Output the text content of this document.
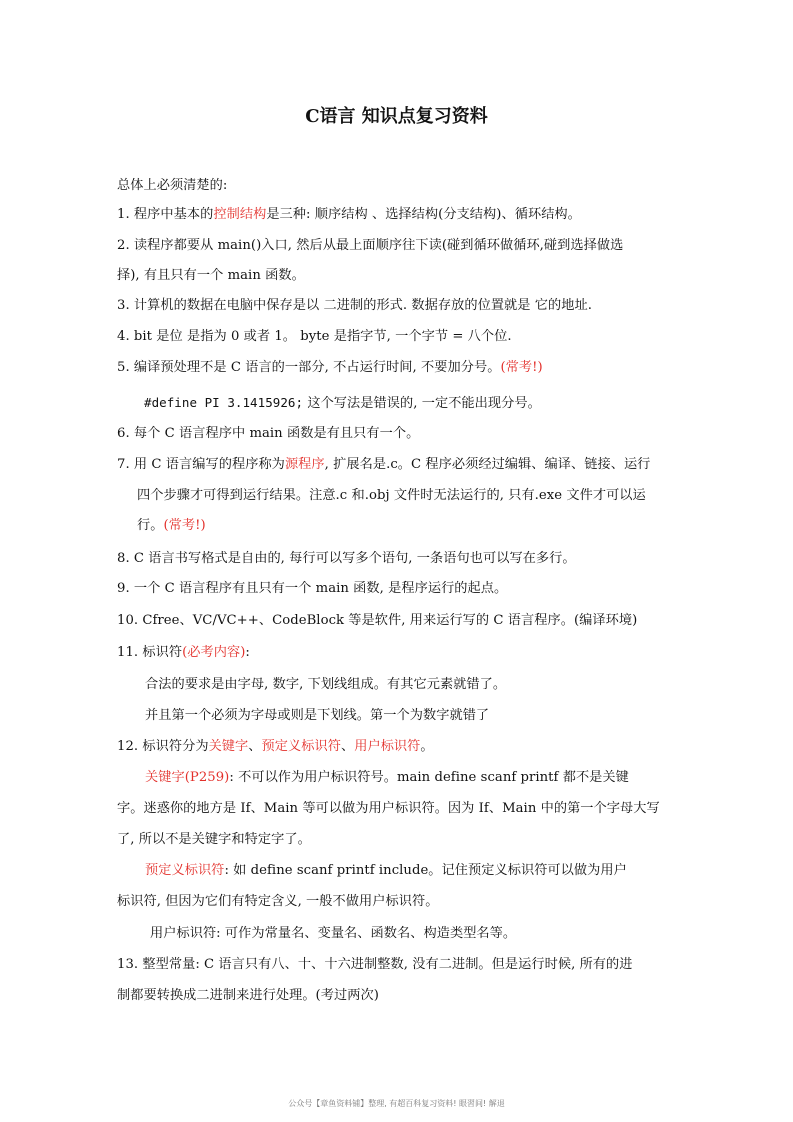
C语言 知识点复习资料
总体上必须清楚的:
1. 程序中基本的控制结构是三种: 顺序结构 、选择结构(分支结构)、循环结构。
2. 读程序都要从 main()入口, 然后从最上面顺序往下读(碰到循环做循环,碰到选择做选
择), 有且只有一个 main 函数。
3. 计算机的数据在电脑中保存是以 二进制的形式. 数据存放的位置就是 它的地址.
4. bit 是位 是指为 0 或者 1。 byte 是指字节, 一个字节 = 八个位.
5. 编译预处理不是 C 语言的一部分, 不占运行时间, 不要加分号。(常考!)
#define PI 3.1415926; 这个写法是错误的, 一定不能出现分号。
6. 每个 C 语言程序中 main 函数是有且只有一个。
7. 用 C 语言编写的程序称为源程序, 扩展名是.c。C 程序必须经过编辑、编译、链接、运行
四个步骤才可得到运行结果。注意.c 和.obj 文件时无法运行的, 只有.exe 文件才可以运
行。(常考!)
8. C 语言书写格式是自由的, 每行可以写多个语句, 一条语句也可以写在多行。
9. 一个 C 语言程序有且只有一个 main 函数, 是程序运行的起点。
10. Cfree、VC/VC++、CodeBlock 等是软件, 用来运行写的 C 语言程序。(编译环境)
11. 标识符(必考内容):
合法的要求是由字母, 数字, 下划线组成。有其它元素就错了。
并且第一个必须为字母或则是下划线。第一个为数字就错了
12. 标识符分为关键字、预定义标识符、用户标识符。
关键字(P259): 不可以作为用户标识符号。main define scanf printf 都不是关键
字。迷惑你的地方是 If、Main 等可以做为用户标识符。因为 If、Main 中的第一个字母大写
了, 所以不是关键字和特定字了。
预定义标识符: 如 define scanf printf include。记住预定义标识符可以做为用户
标识符, 但因为它们有特定含义, 一般不做用户标识符。
用户标识符: 可作为常量名、变量名、函数名、构造类型名等。
13. 整型常量: C 语言只有八、十、十六进制整数, 没有二进制。但是运行时候, 所有的进
制都要转换成二进制来进行处理。(考过两次)
公众号【章鱼资料铺】整理, 有超百科复习资料! 眼習间! 解退
